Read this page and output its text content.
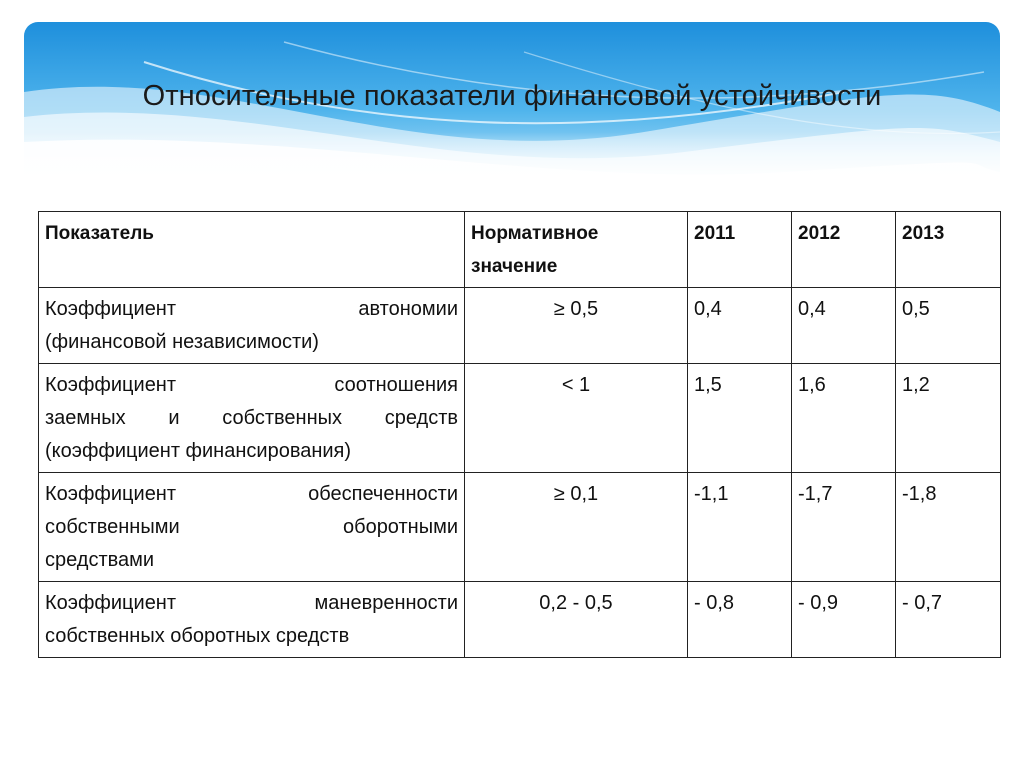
Относительные показатели финансовой устойчивости
Показатель	Нормативное значение	2011	2012	2013

Коэффициент автономии
(финансовой независимости)	≥ 0,5	0,4	0,4	0,5

Коэффициент соотношения
заемных и собственных средств
(коэффициент финансирования)	< 1	1,5	1,6	1,2

Коэффициент обеспеченности
собственными оборотными
средствами	≥ 0,1	-1,1	-1,7	-1,8

Коэффициент маневренности
собственных оборотных средств	0,2 - 0,5	- 0,8	- 0,9	- 0,7
